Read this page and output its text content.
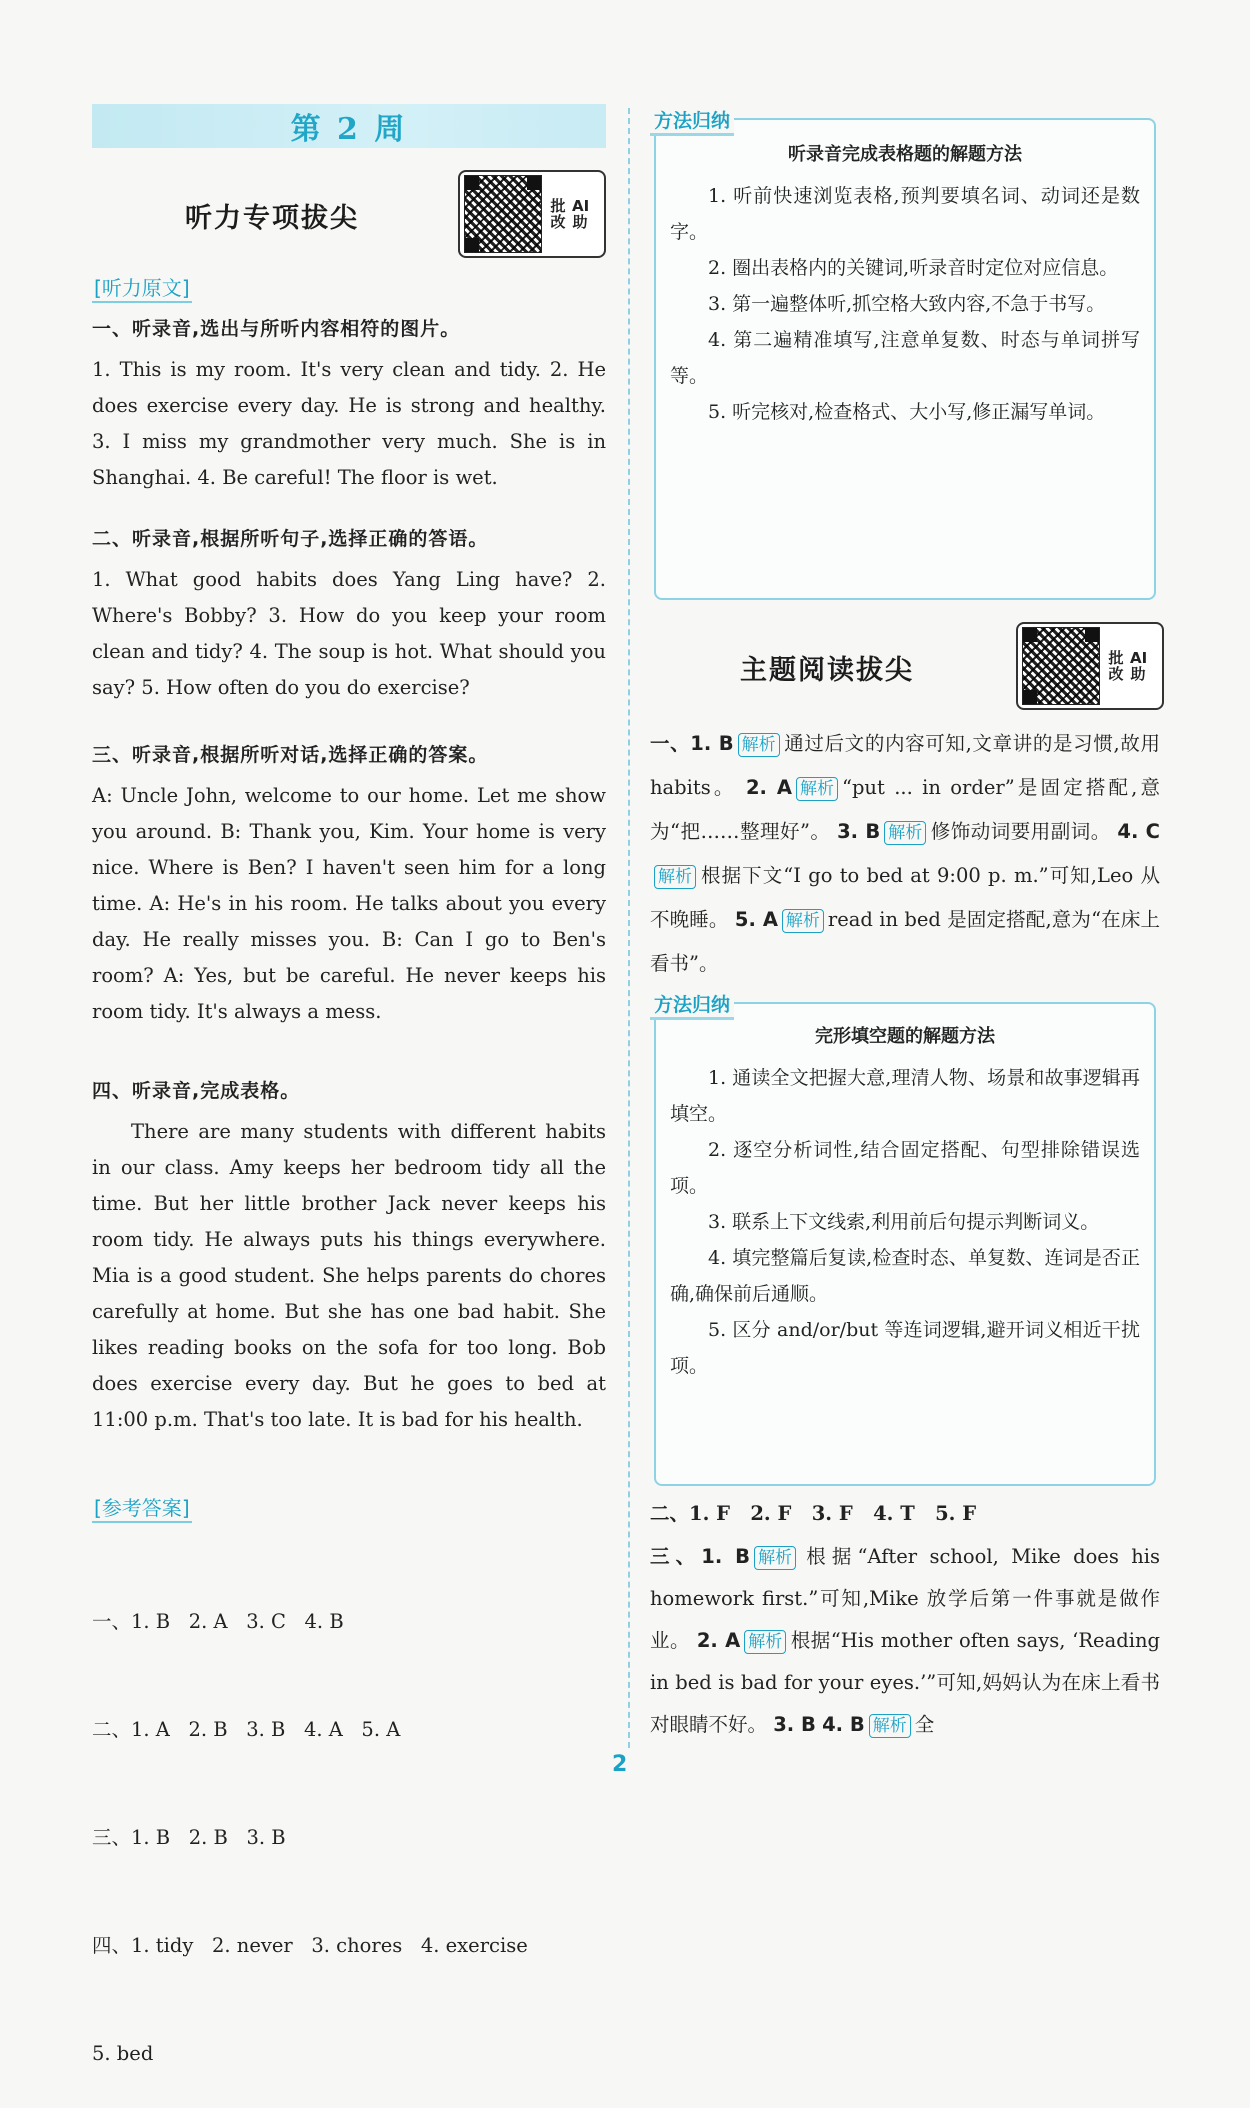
第 2 周
听力专项拔尖	批改
AI助
[ 听力原文 ]
一、听录音,选出与所听内容相符的图片。
1. This is my room. It's very clean and tidy. 2. He does exercise every day. He is strong and healthy. 3. I miss my grandmother very much. She is in Shanghai. 4. Be careful! The floor is wet.
二、听录音,根据所听句子,选择正确的答语。
1. What good habits does Yang Ling have? 2. Where's Bobby? 3. How do you keep your room clean and tidy? 4. The soup is hot. What should you say? 5. How often do you do exercise?
三、听录音,根据所听对话,选择正确的答案。
A: Uncle John, welcome to our home. Let me show you around. B: Thank you, Kim. Your home is very nice. Where is Ben? I haven't seen him for a long time. A: He's in his room. He talks about you every day. He really misses you. B: Can I go to Ben's room? A: Yes, but be careful. He never keeps his room tidy. It's always a mess.
四、听录音,完成表格。
There are many students with different habits in our class. Amy keeps her bedroom tidy all the time. But her little brother Jack never keeps his room tidy. He always puts his things everywhere. Mia is a good student. She helps parents do chores carefully at home. But she has one bad habit. She likes reading books on the sofa for too long. Bob does exercise every day. But he goes to bed at 11:00 p.m. That's too late. It is bad for his health.
[ 参考答案 ]

一、1. B   2. A   3. C   4. B

二、1. A   2. B   3. B   4. A   5. A

三、1. B   2. B   3. B

四、1. tidy   2. never   3. chores   4. exercise

5. bed

听录音完成表格题的解题方法
1. 听前快速浏览表格,预判要填名词、动词还是数字。
2. 圈出表格内的关键词,听录音时定位对应信息。
3. 第一遍整体听,抓空格大致内容,不急于书写。
4. 第二遍精准填写,注意单复数、时态与单词拼写等。
5. 听完核对,检查格式、大小写,修正漏写单词。
方法归纳
主题阅读拔尖	批改
AI助
一、1. B 解析 通过后文的内容可知,文章讲的是习惯,故用 habits。 2. A 解析 “put ... in order”是固定搭配,意为“把……整理好”。 3. B 解析 修饰动词要用副词。 4. C解析 根据下文“I go to bed at 9:00 p. m.”可知,Leo 从不晚睡。 5. A 解析 read in bed 是固定搭配,意为“在床上看书”。
完形填空题的解题方法
1. 通读全文把握大意,理清人物、场景和故事逻辑再填空。
2. 逐空分析词性,结合固定搭配、句型排除错误选项。
3. 联系上下文线索,利用前后句提示判断词义。
4. 填完整篇后复读,检查时态、单复数、连词是否正确,确保前后通顺。
5. 区分 and/or/but 等连词逻辑,避开词义相近干扰项。
方法归纳
二、1. F   2. F   3. F   4. T   5. F
三、1. B 解析 根据“After school, Mike does his homework first.”可知,Mike 放学后第一件事就是做作业。 2. A 解析 根据“His mother often says, ‘Reading in bed is bad for your eyes.’”可知,妈妈认为在床上看书对眼睛不好。 3. B 4. B 解析 全
2
